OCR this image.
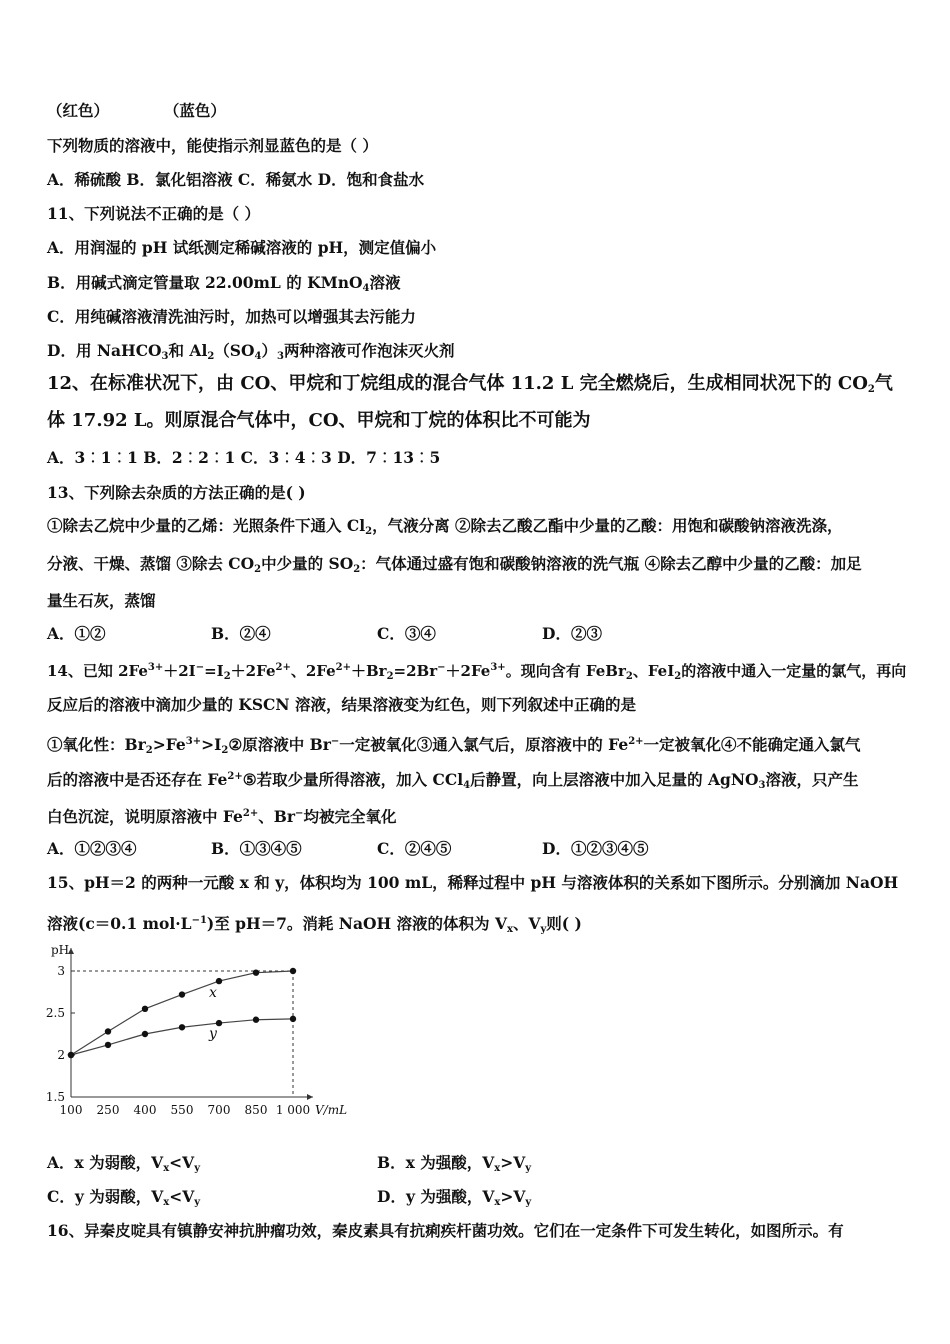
（红色）	（蓝色）
下列物质的溶液中，能使指示剂显蓝色的是（ ）
A．稀硫酸 B．氯化铝溶液 C．稀氨水 D．饱和食盐水
11、下列说法不正确的是（ ）
A．用润湿的 pH 试纸测定稀碱溶液的 pH，测定值偏小
B．用碱式滴定管量取 22.00mL 的 KMnO$_4$溶液
C．用纯碱溶液清洗油污时，加热可以增强其去污能力
D．用 NaHCO$_3$和 $Al_2(SO_4)_3$两种溶液可作泡沫灭火剂
12、在标准状况下，由 CO、甲烷和丁烷组成的混合气体 11.2 L 完全燃烧后，生成相同状况下的 $CO_2$气
体 17.92 L。则原混合气体中，CO、甲烷和丁烷的体积比不可能为
A．3︰1︰1 B．2︰2︰1 C．3︰4︰3 D．7︰13︰5
13、下列除去杂质的方法正确的是( )
①除去乙烷中少量的乙烯：光照条件下通入 $Cl_2$，气液分离 ②除去乙酸乙酯中少量的乙酸：用饱和碳酸钠溶液洗涤，
分液、干燥、蒸馏 ③除去 $CO_2$中少量的 $SO_2$：气体通过盛有饱和碳酸钠溶液的洗气瓶 ④除去乙醇中少量的乙酸：加足
量生石灰，蒸馏
A．①②	B．②④	C．③④	D．②③
14、已知 $2Fe^{3+}+2I^-=I_2+2Fe^{2+}$、$2Fe^{2+}+Br_2=2Br^-+2Fe^{3+}$。现向含有 FeBr$_2$、FeI$_2$的溶液中通入一定量的氯气，再向
反应后的溶液中滴加少量的 KSCN 溶液，结果溶液变为红色，则下列叙述中正确的是
①氧化性：$Br_2>Fe^{3+}>I_2②$原溶液中 Br−一定被氧化③通入氯气后，原溶液中的 $Fe^{2+}$一定被氧化④不能确定通入氯气
后的溶液中是否还存在 $Fe^{2+}⑤$若取少量所得溶液，加入 CCl$_4$后静置，向上层溶液中加入足量的 AgNO$_3$溶液，只产生
白色沉淀，说明原溶液中 $Fe^{2+}$、Br−均被完全氧化
A．①②③④	B．①③④⑤	C．②④⑤	D．①②③④⑤
15、pH＝2 的两种一元酸 x 和 y，体积均为 100 mL，稀释过程中 pH 与溶液体积的关系如下图所示。分别滴加 NaOH
溶液(c＝0.1 $mol\cdot L^{-1}$)至 pH＝7。消耗 NaOH 溶液的体积为 $V_x$、$V_y$则( )
pH
1.5
2
2.5
3
100 250 400 550 700 850 1 000 V/mL
x
y
A．x 为弱酸，$V_x<V_y$	B．x 为强酸，$V_x>V_y$
C．y 为弱酸，$V_x<V_y$	D．y 为强酸，$V_x>V_y$
16、异秦皮啶具有镇静安神抗肿瘤功效，秦皮素具有抗痢疾杆菌功效。它们在一定条件下可发生转化，如图所示。有
